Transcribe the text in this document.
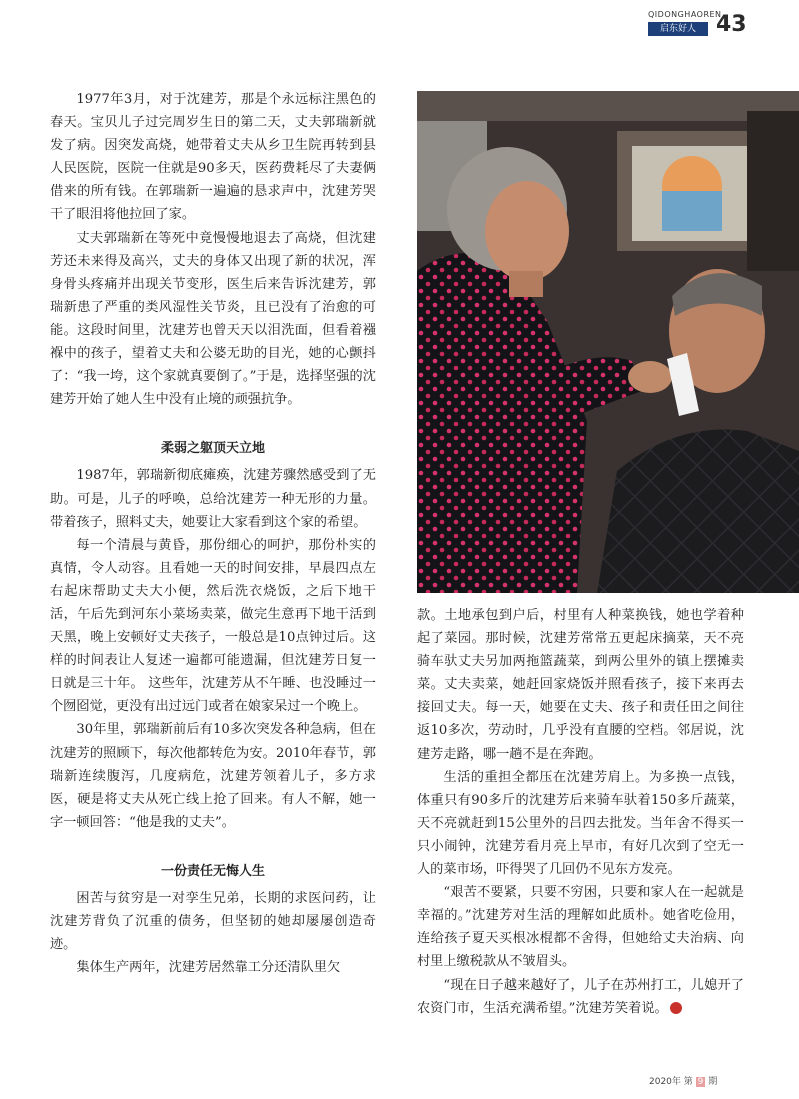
QIDONGHAOREN
启东好人 43

1977年3月，对于沈建芳，那是个永远标注黑色的春天。宝贝儿子过完周岁生日的第二天，丈夫郭瑞新就发了病。因突发高烧，她带着丈夫从乡卫生院再转到县人民医院，医院一住就是90多天，医药费耗尽了夫妻俩借来的所有钱。在郭瑞新一遍遍的恳求声中，沈建芳哭干了眼泪将他拉回了家。

丈夫郭瑞新在等死中竟慢慢地退去了高烧，但沈建芳还未来得及高兴，丈夫的身体又出现了新的状况，浑身骨头疼痛并出现关节变形，医生后来告诉沈建芳，郭瑞新患了严重的类风湿性关节炎，且已没有了治愈的可能。这段时间里，沈建芳也曾天天以泪洗面，但看着襁褓中的孩子，望着丈夫和公婆无助的目光，她的心颤抖了：“我一垮，这个家就真要倒了。”于是，选择坚强的沈建芳开始了她人生中没有止境的顽强抗争。

柔弱之躯顶天立地

1987年，郭瑞新彻底瘫痪，沈建芳骤然感受到了无助。可是，儿子的呼唤，总给沈建芳一种无形的力量。带着孩子，照料丈夫，她要让大家看到这个家的希望。

每一个清晨与黄昏，那份细心的呵护，那份朴实的真情，令人动容。且看她一天的时间安排，早晨四点左右起床帮助丈夫大小便，然后洗衣烧饭，之后下地干活，午后先到河东小菜场卖菜，做完生意再下地干活到天黑，晚上安顿好丈夫孩子，一般总是10点钟过后。这样的时间表让人复述一遍都可能遗漏，但沈建芳日复一日就是三十年。 这些年，沈建芳从不午睡、也没睡过一个囫囵觉，更没有出过远门或者在娘家呆过一个晚上。

30年里，郭瑞新前后有10多次突发各种急病，但在沈建芳的照顾下，每次他都转危为安。2010年春节，郭瑞新连续腹泻，几度病危，沈建芳领着儿子，多方求医，硬是将丈夫从死亡线上抢了回来。有人不解，她一字一顿回答：“他是我的丈夫”。

一份责任无悔人生

困苦与贫穷是一对孪生兄弟，长期的求医问药，让沈建芳背负了沉重的债务，但坚韧的她却屡屡创造奇迹。

集体生产两年，沈建芳居然靠工分还清队里欠

款。土地承包到户后，村里有人种菜换钱，她也学着种起了菜园。那时候，沈建芳常常五更起床摘菜，天不亮骑车驮丈夫另加两拖篮蔬菜，到两公里外的镇上摆摊卖菜。丈夫卖菜，她赶回家烧饭并照看孩子，接下来再去接回丈夫。每一天，她要在丈夫、孩子和责任田之间往返10多次，劳动时，几乎没有直腰的空档。邻居说，沈建芳走路，哪一趟不是在奔跑。

生活的重担全都压在沈建芳肩上。为多换一点钱，体重只有90多斤的沈建芳后来骑车驮着150多斤蔬菜，天不亮就赶到15公里外的吕四去批发。当年舍不得买一只小闹钟，沈建芳看月亮上早市，有好几次到了空无一人的菜市场，吓得哭了几回仍不见东方发亮。

“艰苦不要紧，只要不穷困，只要和家人在一起就是幸福的。”沈建芳对生活的理解如此质朴。她省吃俭用，连给孩子夏天买根冰棍都不舍得，但她给丈夫治病、向村里上缴税款从不皱眉头。

“现在日子越来越好了，儿子在苏州打工，儿媳开了农资门市，生活充满希望。”沈建芳笑着说。

2020年 第 9 期
